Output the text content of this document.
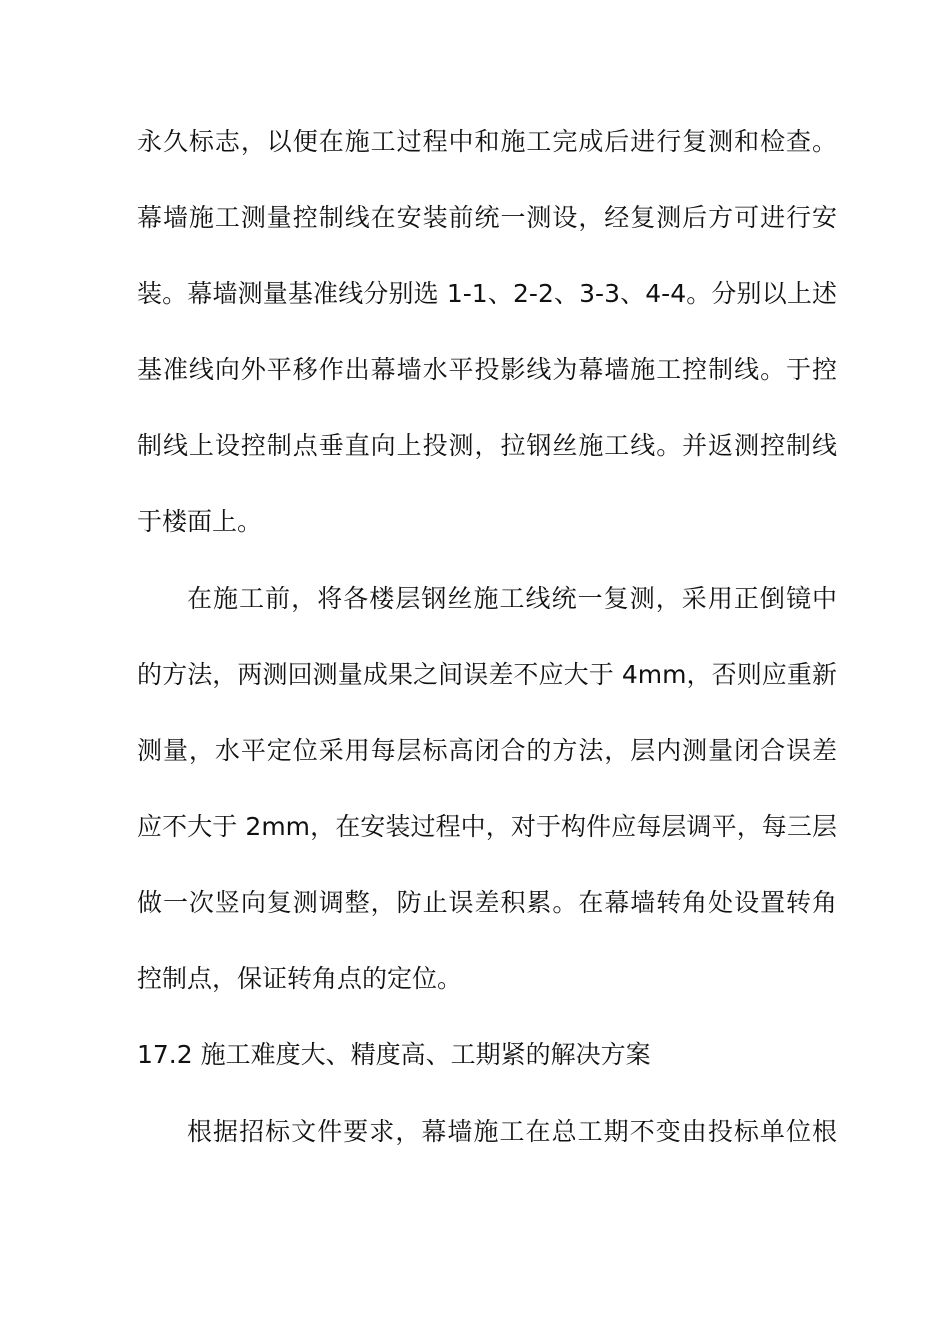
永久标志，以便在施工过程中和施工完成后进行复测和检查。
幕墙施工测量控制线在安装前统一测设，经复测后方可进行安
装。幕墙测量基准线分别选 1-1、2-2、3-3、4-4。分别以上述
基准线向外平移作出幕墙水平投影线为幕墙施工控制线。于控
制线上设控制点垂直向上投测，拉钢丝施工线。并返测控制线
于楼面上。
在施工前，将各楼层钢丝施工线统一复测，采用正倒镜中
的方法，两测回测量成果之间误差不应大于 4mm，否则应重新
测量，水平定位采用每层标高闭合的方法，层内测量闭合误差
应不大于 2mm，在安装过程中，对于构件应每层调平，每三层
做一次竖向复测调整，防止误差积累。在幕墙转角处设置转角
控制点，保证转角点的定位。
17.2 施工难度大、精度高、工期紧的解决方案
根据招标文件要求，幕墙施工在总工期不变由投标单位根
